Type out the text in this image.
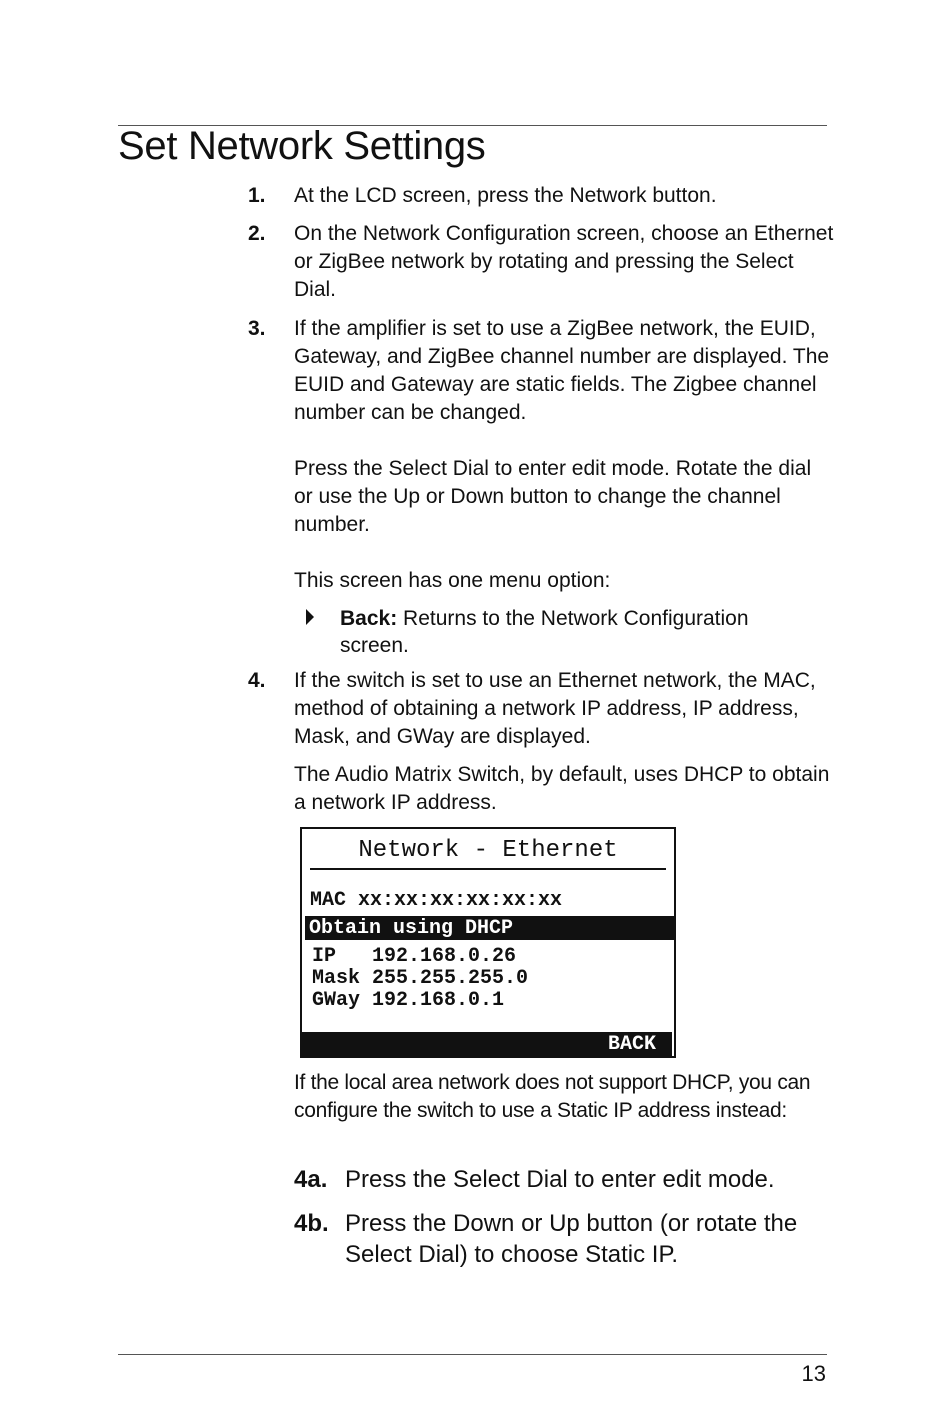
Set Network Settings
1. At the LCD screen, press the Network button.

2. On the Network Configuration screen, choose an Ethernet or ZigBee network by rotating and pressing the Select Dial.

3. If the amplifier is set to use a ZigBee network, the EUID, Gateway, and ZigBee channel number are displayed. The EUID and Gateway are static fields. The Zigbee channel number can be changed.

Press the Select Dial to enter edit mode. Rotate the dial or use the Up or Down button to change the channel number.

This screen has one menu option:

Back: Returns to the Network Configuration screen.
4. If the switch is set to use an Ethernet network, the MAC, method of obtaining a network IP address, IP address, Mask, and GWay are displayed.

The Audio Matrix Switch, by default, uses DHCP to obtain a network IP address.

Network - Ethernet
MAC xx:xx:xx:xx:xx:xx
Obtain using DHCP
IP   192.168.0.26
Mask 255.255.255.0
GWay 192.168.0.1
BACK

If the local area network does not support DHCP, you can configure the switch to use a Static IP address instead:

4a. Press the Select Dial to enter edit mode.

4b. Press the Down or Up button (or rotate the Select Dial) to choose Static IP.

13
